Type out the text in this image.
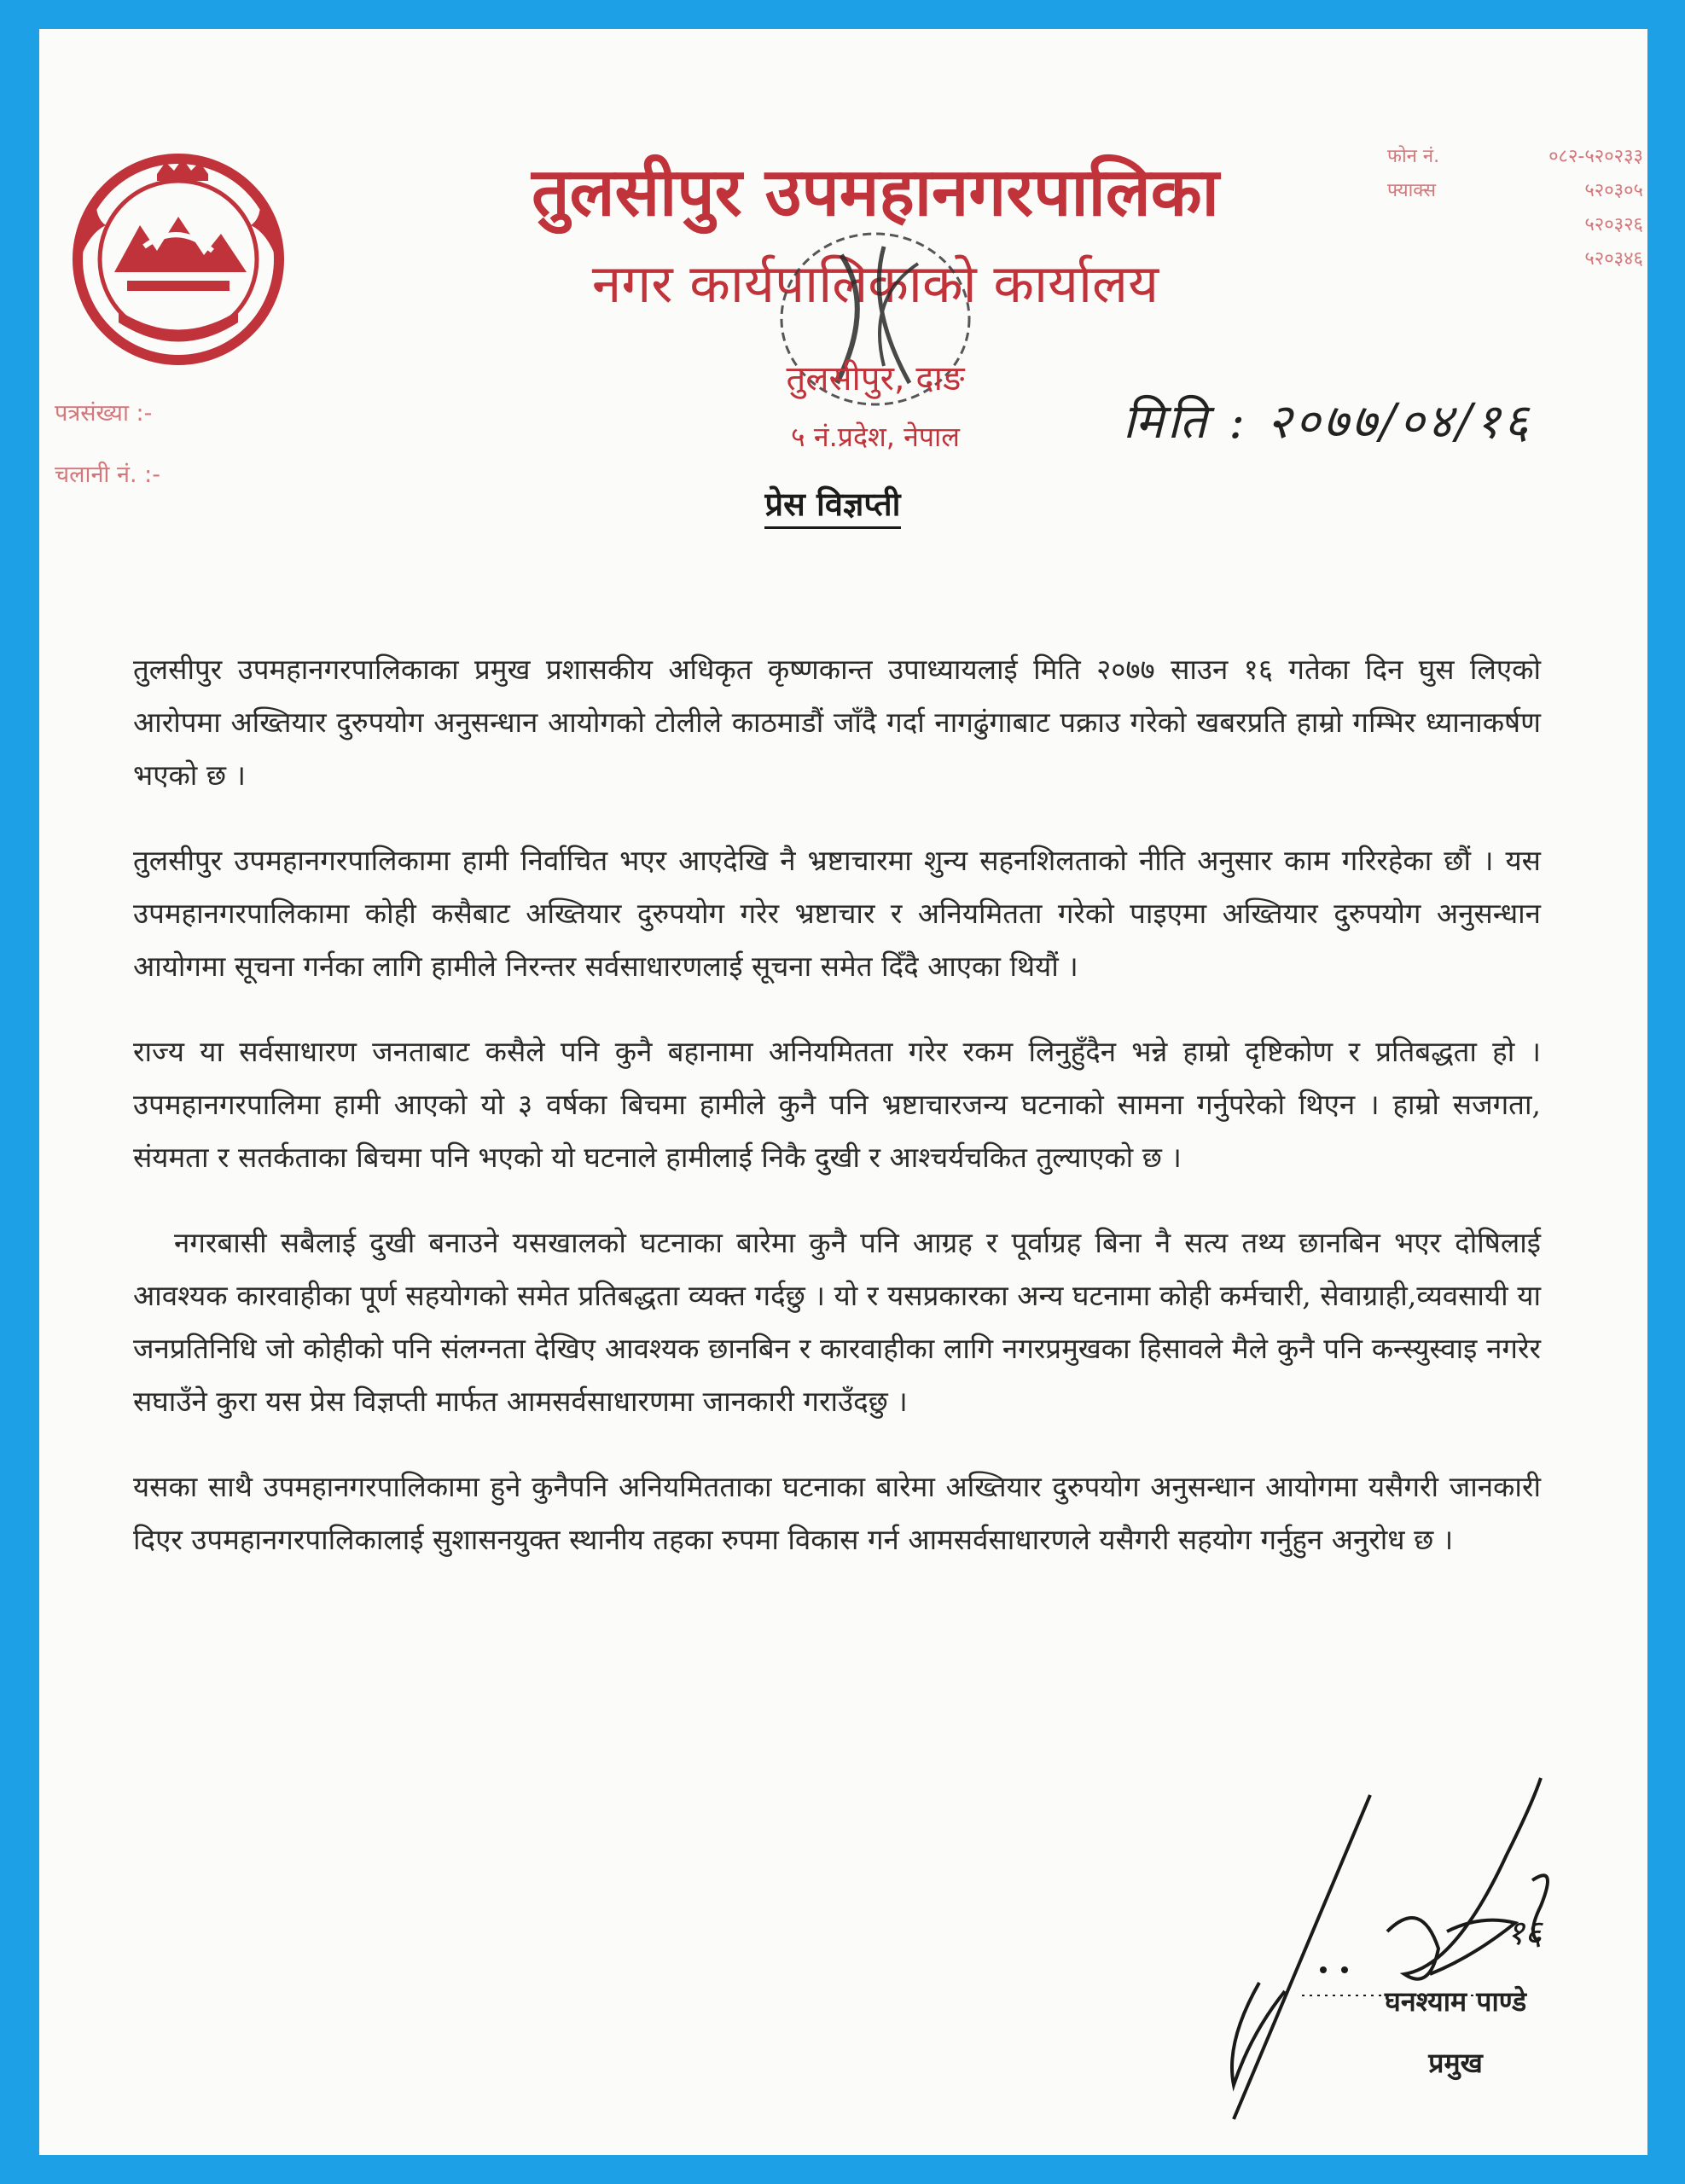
तुलसीपुर उपमहानगरपालिका
नगर कार्यपालिकाको कार्यालय
तुलसीपुर, दाङ
५ नं.प्रदेश, नेपाल
फोन नं.	०८२-५२०२३३
फ्याक्स	५२०३०५
५२०३२६
५२०३४६
पत्रसंख्या :-
चलानी नं. :-
मिति : २०७७/०४/१६
प्रेस विज्ञप्ती

तुलसीपुर उपमहानगरपालिकाका प्रमुख प्रशासकीय अधिकृत कृष्णकान्त उपाध्यायलाई मिति २०७७ साउन १६ गतेका दिन घुस लिएको आरोपमा अख्तियार दुरुपयोग अनुसन्धान आयोगको टोलीले काठमाडौं जाँदै गर्दा नागढुंगाबाट पक्राउ गरेको खबरप्रति हाम्रो गम्भिर ध्यानाकर्षण भएको छ ।

तुलसीपुर उपमहानगरपालिकामा हामी निर्वाचित भएर आएदेखि नै भ्रष्टाचारमा शुन्य सहनशिलताको नीति अनुसार काम गरिरहेका छौं । यस उपमहानगरपालिकामा कोही कसैबाट अख्तियार दुरुपयोग गरेर भ्रष्टाचार र अनियमितता गरेको पाइएमा अख्तियार दुरुपयोग अनुसन्धान आयोगमा सूचना गर्नका लागि हामीले निरन्तर सर्वसाधारणलाई सूचना समेत दिँदै आएका थियौं ।

राज्य या सर्वसाधारण जनताबाट कसैले पनि कुनै बहानामा अनियमितता गरेर रकम लिनुहुँदैन भन्ने हाम्रो दृष्टिकोण र प्रतिबद्धता हो । उपमहानगरपालिमा हामी आएको यो ३ वर्षका बिचमा हामीले कुनै पनि भ्रष्टाचारजन्य घटनाको सामना गर्नुपरेको थिएन । हाम्रो सजगता, संयमता र सतर्कताका बिचमा पनि भएको यो घटनाले हामीलाई निकै दुखी र आश्चर्यचकित तुल्याएको छ ।

नगरबासी सबैलाई दुखी बनाउने यसखालको घटनाका बारेमा कुनै पनि आग्रह र पूर्वाग्रह बिना नै सत्य तथ्य छानबिन भएर दोषिलाई आवश्यक कारवाहीका पूर्ण सहयोगको समेत प्रतिबद्धता व्यक्त गर्दछु । यो र यसप्रकारका अन्य घटनामा कोही कर्मचारी, सेवाग्राही,व्यवसायी या जनप्रतिनिधि जो कोहीको पनि संलग्नता देखिए आवश्यक छानबिन र कारवाहीका लागि नगरप्रमुखका हिसावले मैले कुनै पनि कन्स्युस्वाइ नगरेर सघाउँने कुरा यस प्रेस विज्ञप्ती मार्फत आमसर्वसाधारणमा जानकारी गराउँदछु ।

यसका साथै उपमहानगरपालिकामा हुने कुनैपनि अनियमितताका घटनाका बारेमा अख्तियार दुरुपयोग अनुसन्धान आयोगमा यसैगरी जानकारी दिएर उपमहानगरपालिकालाई सुशासनयुक्त स्थानीय तहका रुपमा विकास गर्न आमसर्वसाधारणले यसैगरी सहयोग गर्नुहुन अनुरोध छ ।

१६
घनश्याम पाण्डे
प्रमुख
